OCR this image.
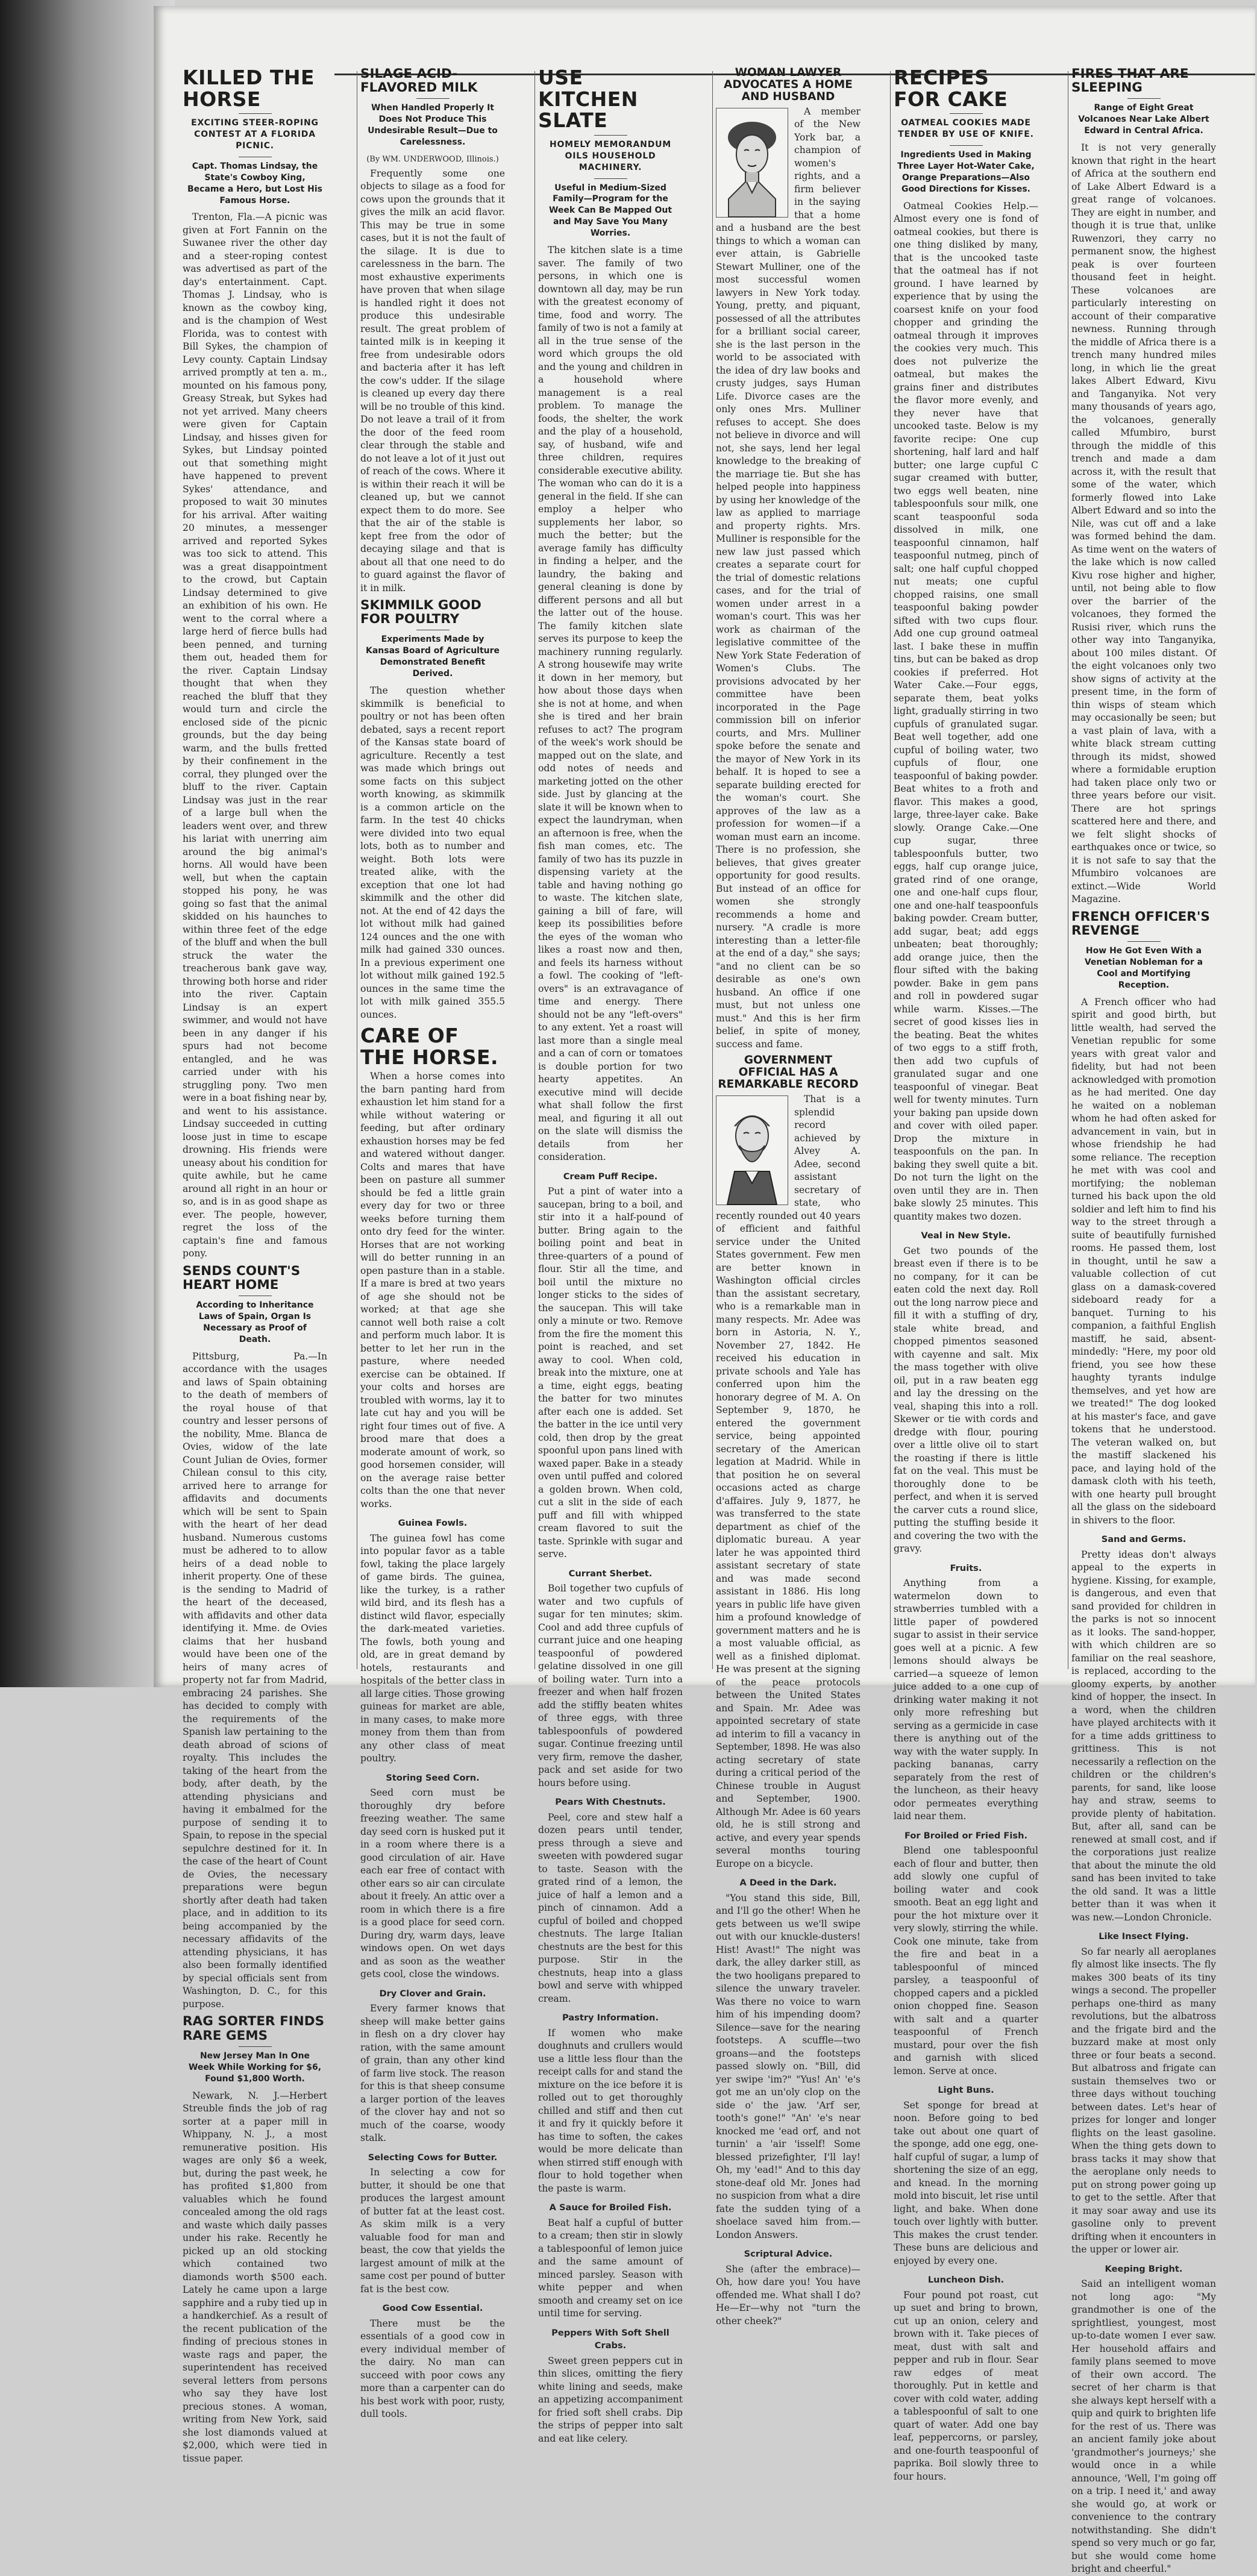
KILLED THE HORSE
EXCITING STEER-ROPING CONTEST AT A FLORIDA PICNIC.
Capt. Thomas Lindsay, the State's Cowboy King, Became a Hero, but Lost His Famous Horse.

Trenton, Fla.—A picnic was given at Fort Fannin on the Suwanee river the other day and a steer-roping contest was advertised as part of the day's entertainment. Capt. Thomas J. Lindsay, who is known as the cowboy king, and is the champion of West Florida, was to contest with Bill Sykes, the champion of Levy county. Captain Lindsay arrived promptly at ten a. m., mounted on his famous pony, Greasy Streak, but Sykes had not yet arrived. Many cheers were given for Captain Lindsay, and hisses given for Sykes, but Lindsay pointed out that something might have happened to prevent Sykes' attendance, and proposed to wait 30 minutes for his arrival. After waiting 20 minutes, a messenger arrived and reported Sykes was too sick to attend. This was a great disappointment to the crowd, but Captain Lindsay determined to give an exhibition of his own. He went to the corral where a large herd of fierce bulls had been penned, and turning them out, headed them for the river. Captain Lindsay thought that when they reached the bluff that they would turn and circle the enclosed side of the picnic grounds, but the day being warm, and the bulls fretted by their confinement in the corral, they plunged over the bluff to the river. Captain Lindsay was just in the rear of a large bull when the leaders went over, and threw his lariat with unerring aim around the big animal's horns. All would have been well, but when the captain stopped his pony, he was going so fast that the animal skidded on his haunches to within three feet of the edge of the bluff and when the bull struck the water the treacherous bank gave way, throwing both horse and rider into the river. Captain Lindsay is an expert swimmer, and would not have been in any danger if his spurs had not become entangled, and he was carried under with his struggling pony. Two men were in a boat fishing near by, and went to his assistance. Lindsay succeeded in cutting loose just in time to escape drowning. His friends were uneasy about his condition for quite awhile, but he came around all right in an hour or so, and is in as good shape as ever. The people, however, regret the loss of the captain's fine and famous pony.

SENDS COUNT'S HEART HOME
According to Inheritance Laws of Spain, Organ Is Necessary as Proof of Death.

Pittsburg, Pa.—In accordance with the usages and laws of Spain obtaining to the death of members of the royal house of that country and lesser persons of the nobility, Mme. Blanca de Ovies, widow of the late Count Julian de Ovies, former Chilean consul to this city, arrived here to arrange for affidavits and documents which will be sent to Spain with the heart of her dead husband. Numerous customs must be adhered to to allow heirs of a dead noble to inherit property. One of these is the sending to Madrid of the heart of the deceased, with affidavits and other data identifying it. Mme. de Ovies claims that her husband would have been one of the heirs of many acres of property not far from Madrid, embracing 24 parishes. She has decided to comply with the requirements of the Spanish law pertaining to the death abroad of scions of royalty. This includes the taking of the heart from the body, after death, by the attending physicians and having it embalmed for the purpose of sending it to Spain, to repose in the special sepulchre destined for it. In the case of the heart of Count de Ovies, the necessary preparations were begun shortly after death had taken place, and in addition to its being accompanied by the necessary affidavits of the attending physicians, it has also been formally identified by special officials sent from Washington, D. C., for this purpose.

RAG SORTER FINDS RARE GEMS
New Jersey Man In One Week While Working for $6, Found $1,800 Worth.

Newark, N. J.—Herbert Streuble finds the job of rag sorter at a paper mill in Whippany, N. J., a most remunerative position. His wages are only $6 a week, but, during the past week, he has profited $1,800 from valuables which he found concealed among the old rags and waste which daily passes under his rake. Recently he picked up an old stocking which contained two diamonds worth $500 each. Lately he came upon a large sapphire and a ruby tied up in a handkerchief. As a result of the recent publication of the finding of precious stones in waste rags and paper, the superintendent has received several letters from persons who say they have lost precious stones. A woman, writing from New York, said she lost diamonds valued at $2,000, which were tied in tissue paper.

SILAGE ACID-FLAVORED MILK
When Handled Properly It Does Not Produce This Undesirable Result—Due to Carelessness.
(By WM. UNDERWOOD, Illinois.)

Frequently some one objects to silage as a food for cows upon the grounds that it gives the milk an acid flavor. This may be true in some cases, but it is not the fault of the silage. It is due to carelessness in the barn. The most exhaustive experiments have proven that when silage is handled right it does not produce this undesirable result. The great problem of tainted milk is in keeping it free from undesirable odors and bacteria after it has left the cow's udder. If the silage is cleaned up every day there will be no trouble of this kind. Do not leave a trail of it from the door of the feed room clear through the stable and do not leave a lot of it just out of reach of the cows. Where it is within their reach it will be cleaned up, but we cannot expect them to do more. See that the air of the stable is kept free from the odor of decaying silage and that is about all that one need to do to guard against the flavor of it in milk.

SKIMMILK GOOD FOR POULTRY
Experiments Made by Kansas Board of Agriculture Demonstrated Benefit Derived.

The question whether skimmilk is beneficial to poultry or not has been often debated, says a recent report of the Kansas state board of agriculture. Recently a test was made which brings out some facts on this subject worth knowing, as skimmilk is a common article on the farm. In the test 40 chicks were divided into two equal lots, both as to number and weight. Both lots were treated alike, with the exception that one lot had skimmilk and the other did not. At the end of 42 days the lot without milk had gained 124 ounces and the one with milk had gained 330 ounces. In a previous experiment one lot without milk gained 192.5 ounces in the same time the lot with milk gained 355.5 ounces.

CARE OF THE HORSE.

When a horse comes into the barn panting hard from exhaustion let him stand for a while without watering or feeding, but after ordinary exhaustion horses may be fed and watered without danger. Colts and mares that have been on pasture all summer should be fed a little grain every day for two or three weeks before turning them onto dry feed for the winter. Horses that are not working will do better running in an open pasture than in a stable. If a mare is bred at two years of age she should not be worked; at that age she cannot well both raise a colt and perform much labor. It is better to let her run in the pasture, where needed exercise can be obtained. If your colts and horses are troubled with worms, lay it to late cut hay and you will be right four times out of five. A brood mare that does a moderate amount of work, so good horsemen consider, will on the average raise better colts than the one that never works.

Guinea Fowls.

The guinea fowl has come into popular favor as a table fowl, taking the place largely of game birds. The guinea, like the turkey, is a rather wild bird, and its flesh has a distinct wild flavor, especially the dark-meated varieties. The fowls, both young and old, are in great demand by hotels, restaurants and hospitals of the better class in all large cities. Those growing guineas for market are able, in many cases, to make more money from them than from any other class of meat poultry.

Storing Seed Corn.

Seed corn must be thoroughly dry before freezing weather. The same day seed corn is husked put it in a room where there is a good circulation of air. Have each ear free of contact with other ears so air can circulate about it freely. An attic over a room in which there is a fire is a good place for seed corn. During dry, warm days, leave windows open. On wet days and as soon as the weather gets cool, close the windows.

Dry Clover and Grain.

Every farmer knows that sheep will make better gains in flesh on a dry clover hay ration, with the same amount of grain, than any other kind of farm live stock. The reason for this is that sheep consume a larger portion of the leaves of the clover hay and not so much of the coarse, woody stalk.

Selecting Cows for Butter.

In selecting a cow for butter, it should be one that produces the largest amount of butter fat at the least cost. As skim milk is a very valuable food for man and beast, the cow that yields the largest amount of milk at the same cost per pound of butter fat is the best cow.

Good Cow Essential.

There must be the essentials of a good cow in every individual member of the dairy. No man can succeed with poor cows any more than a carpenter can do his best work with poor, rusty, dull tools.

USE KITCHEN SLATE
HOMELY MEMORANDUM OILS HOUSEHOLD MACHINERY.
Useful in Medium-Sized Family—Program for the Week Can Be Mapped Out and May Save You Many Worries.

The kitchen slate is a time saver. The family of two persons, in which one is downtown all day, may be run with the greatest economy of time, food and worry. The family of two is not a family at all in the true sense of the word which groups the old and the young and children in a household where management is a real problem. To manage the foods, the shelter, the work and the play of a household, say, of husband, wife and three children, requires considerable executive ability. The woman who can do it is a general in the field. If she can employ a helper who supplements her labor, so much the better; but the average family has difficulty in finding a helper, and the laundry, the baking and general cleaning is done by different persons and all but the latter out of the house. The family kitchen slate serves its purpose to keep the machinery running regularly. A strong housewife may write it down in her memory, but how about those days when she is not at home, and when she is tired and her brain refuses to act? The program of the week's work should be mapped out on the slate, and odd notes of needs and marketing jotted on the other side. Just by glancing at the slate it will be known when to expect the laundryman, when an afternoon is free, when the fish man comes, etc. The family of two has its puzzle in dispensing variety at the table and having nothing go to waste. The kitchen slate, gaining a bill of fare, will keep its possibilities before the eyes of the woman who likes a roast now and then, and feels its harness without a fowl. The cooking of "left-overs" is an extravagance of time and energy. There should not be any "left-overs" to any extent. Yet a roast will last more than a single meal and a can of corn or tomatoes is double portion for two hearty appetites. An executive mind will decide what shall follow the first meal, and figuring it all out on the slate will dismiss the details from her consideration.

Cream Puff Recipe.

Put a pint of water into a saucepan, bring to a boil, and stir into it a half-pound of butter. Bring again to the boiling point and beat in three-quarters of a pound of flour. Stir all the time, and boil until the mixture no longer sticks to the sides of the saucepan. This will take only a minute or two. Remove from the fire the moment this point is reached, and set away to cool. When cold, break into the mixture, one at a time, eight eggs, beating the batter for two minutes after each one is added. Set the batter in the ice until very cold, then drop by the great spoonful upon pans lined with waxed paper. Bake in a steady oven until puffed and colored a golden brown. When cold, cut a slit in the side of each puff and fill with whipped cream flavored to suit the taste. Sprinkle with sugar and serve.

Currant Sherbet.

Boil together two cupfuls of water and two cupfuls of sugar for ten minutes; skim. Cool and add three cupfuls of currant juice and one heaping teaspoonful of powdered gelatine dissolved in one gill of boiling water. Turn into a freezer and when half frozen add the stiffly beaten whites of three eggs, with three tablespoonfuls of powdered sugar. Continue freezing until very firm, remove the dasher, pack and set aside for two hours before using.

Pears With Chestnuts.

Peel, core and stew half a dozen pears until tender, press through a sieve and sweeten with powdered sugar to taste. Season with the grated rind of a lemon, the juice of half a lemon and a pinch of cinnamon. Add a cupful of boiled and chopped chestnuts. The large Italian chestnuts are the best for this purpose. Stir in the chestnuts, heap into a glass bowl and serve with whipped cream.

Pastry Information.

If women who make doughnuts and crullers would use a little less flour than the receipt calls for and stand the mixture on the ice before it is rolled out to get thoroughly chilled and stiff and then cut it and fry it quickly before it has time to soften, the cakes would be more delicate than when stirred stiff enough with flour to hold together when the paste is warm.

A Sauce for Broiled Fish.

Beat half a cupful of butter to a cream; then stir in slowly a tablespoonful of lemon juice and the same amount of minced parsley. Season with white pepper and when smooth and creamy set on ice until time for serving.

Peppers With Soft Shell Crabs.

Sweet green peppers cut in thin slices, omitting the fiery white lining and seeds, make an appetizing accompaniment for fried soft shell crabs. Dip the strips of pepper into salt and eat like celery.

WOMAN LAWYER ADVOCATES A HOME AND HUSBAND

A member of the New York bar, a champion of women's rights, and a firm believer in the saying that a home and a husband are the best things to which a woman can ever attain, is Gabrielle Stewart Mulliner, one of the most successful women lawyers in New York today. Young, pretty, and piquant, possessed of all the attributes for a brilliant social career, she is the last person in the world to be associated with the idea of dry law books and crusty judges, says Human Life. Divorce cases are the only ones Mrs. Mulliner refuses to accept. She does not believe in divorce and will not, she says, lend her legal knowledge to the breaking of the marriage tie. But she has helped people into happiness by using her knowledge of the law as applied to marriage and property rights. Mrs. Mulliner is responsible for the new law just passed which creates a separate court for the trial of domestic relations cases, and for the trial of women under arrest in a woman's court. This was her work as chairman of the legislative committee of the New York State Federation of Women's Clubs. The provisions advocated by her committee have been incorporated in the Page commission bill on inferior courts, and Mrs. Mulliner spoke before the senate and the mayor of New York in its behalf. It is hoped to see a separate building erected for the woman's court. She approves of the law as a profession for women—if a woman must earn an income. There is no profession, she believes, that gives greater opportunity for good results. But instead of an office for women she strongly recommends a home and nursery. "A cradle is more interesting than a letter-file at the end of a day," she says; "and no client can be so desirable as one's own husband. An office if one must, but not unless one must." And this is her firm belief, in spite of money, success and fame.

GOVERNMENT OFFICIAL HAS A REMARKABLE RECORD

That is a splendid record achieved by Alvey A. Adee, second assistant secretary of state, who recently rounded out 40 years of efficient and faithful service under the United States government. Few men are better known in Washington official circles than the assistant secretary, who is a remarkable man in many respects. Mr. Adee was born in Astoria, N. Y., November 27, 1842. He received his education in private schools and Yale has conferred upon him the honorary degree of M. A. On September 9, 1870, he entered the government service, being appointed secretary of the American legation at Madrid. While in that position he on several occasions acted as charge d'affaires. July 9, 1877, he was transferred to the state department as chief of the diplomatic bureau. A year later he was appointed third assistant secretary of state and was made second assistant in 1886. His long years in public life have given him a profound knowledge of government matters and he is a most valuable official, as well as a finished diplomat. He was present at the signing of the peace protocols between the United States and Spain. Mr. Adee was appointed secretary of state ad interim to fill a vacancy in September, 1898. He was also acting secretary of state during a critical period of the Chinese trouble in August and September, 1900. Although Mr. Adee is 60 years old, he is still strong and active, and every year spends several months touring Europe on a bicycle.

A Deed in the Dark.

"You stand this side, Bill, and I'll go the other! When he gets between us we'll swipe out with our knuckle-dusters! Hist! Avast!" The night was dark, the alley darker still, as the two hooligans prepared to silence the unwary traveler. Was there no voice to warn him of his impending doom? Silence—save for the nearing footsteps. A scuffle—two groans—and the footsteps passed slowly on. "Bill, did yer swipe 'im?" "Yus! An' 'e's got me an un'oly clop on the side o' the jaw. 'Arf ser, tooth's gone!" "An' 'e's near knocked me 'ead orf, and not turnin' a 'air 'isself! Some blessed prizefighter, I'll lay! Oh, my 'ead!" And to this day stone-deaf old Mr. Jones had no suspicion from what a dire fate the sudden tying of a shoelace saved him from.—London Answers.

Scriptural Advice.

She (after the embrace)—Oh, how dare you! You have offended me. What shall I do? He—Er—why not "turn the other cheek?"

RECIPES FOR CAKE
OATMEAL COOKIES MADE TENDER BY USE OF KNIFE.
Ingredients Used in Making Three Layer Hot-Water Cake, Orange Preparations—Also Good Directions for Kisses.

Oatmeal Cookies Help.—Almost every one is fond of oatmeal cookies, but there is one thing disliked by many, that is the uncooked taste that the oatmeal has if not ground. I have learned by experience that by using the coarsest knife on your food chopper and grinding the oatmeal through it improves the cookies very much. This does not pulverize the oatmeal, but makes the grains finer and distributes the flavor more evenly, and they never have that uncooked taste. Below is my favorite recipe: One cup shortening, half lard and half butter; one large cupful C sugar creamed with butter, two eggs well beaten, nine tablespoonfuls sour milk, one scant teaspoonful soda dissolved in milk, one teaspoonful cinnamon, half teaspoonful nutmeg, pinch of salt; one half cupful chopped nut meats; one cupful chopped raisins, one small teaspoonful baking powder sifted with two cups flour. Add one cup ground oatmeal last. I bake these in muffin tins, but can be baked as drop cookies if preferred. Hot Water Cake.—Four eggs, separate them, beat yolks light, gradually stirring in two cupfuls of granulated sugar. Beat well together, add one cupful of boiling water, two cupfuls of flour, one teaspoonful of baking powder. Beat whites to a froth and flavor. This makes a good, large, three-layer cake. Bake slowly. Orange Cake.—One cup sugar, three tablespoonfuls butter, two eggs, half cup orange juice, grated rind of one orange, one and one-half cups flour, one and one-half teaspoonfuls baking powder. Cream butter, add sugar, beat; add eggs unbeaten; beat thoroughly; add orange juice, then the flour sifted with the baking powder. Bake in gem pans and roll in powdered sugar while warm. Kisses.—The secret of good kisses lies in the beating. Beat the whites of two eggs to a stiff froth, then add two cupfuls of granulated sugar and one teaspoonful of vinegar. Beat well for twenty minutes. Turn your baking pan upside down and cover with oiled paper. Drop the mixture in teaspoonfuls on the pan. In baking they swell quite a bit. Do not turn the light on the oven until they are in. Then bake slowly 25 minutes. This quantity makes two dozen.

Veal in New Style.

Get two pounds of the breast even if there is to be no company, for it can be eaten cold the next day. Roll out the long narrow piece and fill it with a stuffing of dry, stale white bread, and chopped pimentos seasoned with cayenne and salt. Mix the mass together with olive oil, put in a raw beaten egg and lay the dressing on the veal, shaping this into a roll. Skewer or tie with cords and dredge with flour, pouring over a little olive oil to start the roasting if there is little fat on the veal. This must be thoroughly done to be perfect, and when it is served the carver cuts a round slice, putting the stuffing beside it and covering the two with the gravy.

Fruits.

Anything from a watermelon down to strawberries tumbled with a little paper of powdered sugar to assist in their service goes well at a picnic. A few lemons should always be carried—a squeeze of lemon juice added to a one cup of drinking water making it not only more refreshing but serving as a germicide in case there is anything out of the way with the water supply. In packing bananas, carry separately from the rest of the luncheon, as their heavy odor permeates everything laid near them.

For Broiled or Fried Fish.

Blend one tablespoonful each of flour and butter, then add slowly one cupful of boiling water and cook smooth. Beat an egg light and pour the hot mixture over it very slowly, stirring the while. Cook one minute, take from the fire and beat in a tablespoonful of minced parsley, a teaspoonful of chopped capers and a pickled onion chopped fine. Season with salt and a quarter teaspoonful of French mustard, pour over the fish and garnish with sliced lemon. Serve at once.

Light Buns.

Set sponge for bread at noon. Before going to bed take out about one quart of the sponge, add one egg, one-half cupful of sugar, a lump of shortening the size of an egg, and knead. In the morning mold into biscuit, let rise until light, and bake. When done touch over lightly with butter. This makes the crust tender. These buns are delicious and enjoyed by every one.

Luncheon Dish.

Four pound pot roast, cut up suet and bring to brown, cut up an onion, celery and brown with it. Take pieces of meat, dust with salt and pepper and rub in flour. Sear raw edges of meat thoroughly. Put in kettle and cover with cold water, adding a tablespoonful of salt to one quart of water. Add one bay leaf, peppercorns, or parsley, and one-fourth teaspoonful of paprika. Boil slowly three to four hours.

FIRES THAT ARE SLEEPING
Range of Eight Great Volcanoes Near Lake Albert Edward in Central Africa.

It is not very generally known that right in the heart of Africa at the southern end of Lake Albert Edward is a great range of volcanoes. They are eight in number, and though it is true that, unlike Ruwenzori, they carry no permanent snow, the highest peak is over fourteen thousand feet in height. These volcanoes are particularly interesting on account of their comparative newness. Running through the middle of Africa there is a trench many hundred miles long, in which lie the great lakes Albert Edward, Kivu and Tanganyika. Not very many thousands of years ago, the volcanoes, generally called Mfumbiro, burst through the middle of this trench and made a dam across it, with the result that some of the water, which formerly flowed into Lake Albert Edward and so into the Nile, was cut off and a lake was formed behind the dam. As time went on the waters of the lake which is now called Kivu rose higher and higher, until, not being able to flow over the barrier of the volcanoes, they formed the Rusisi river, which runs the other way into Tanganyika, about 100 miles distant. Of the eight volcanoes only two show signs of activity at the present time, in the form of thin wisps of steam which may occasionally be seen; but a vast plain of lava, with a white black stream cutting through its midst, showed where a formidable eruption had taken place only two or three years before our visit. There are hot springs scattered here and there, and we felt slight shocks of earthquakes once or twice, so it is not safe to say that the Mfumbiro volcanoes are extinct.—Wide World Magazine.

FRENCH OFFICER'S REVENGE
How He Got Even With a Venetian Nobleman for a Cool and Mortifying Reception.

A French officer who had spirit and good birth, but little wealth, had served the Venetian republic for some years with great valor and fidelity, but had not been acknowledged with promotion as he had merited. One day he waited on a nobleman whom he had often asked for advancement in vain, but in whose friendship he had some reliance. The reception he met with was cool and mortifying; the nobleman turned his back upon the old soldier and left him to find his way to the street through a suite of beautifully furnished rooms. He passed them, lost in thought, until he saw a valuable collection of cut glass on a damask-covered sideboard ready for a banquet. Turning to his companion, a faithful English mastiff, he said, absent-mindedly: "Here, my poor old friend, you see how these haughty tyrants indulge themselves, and yet how are we treated!" The dog looked at his master's face, and gave tokens that he understood. The veteran walked on, but the mastiff slackened his pace, and laying hold of the damask cloth with his teeth, with one hearty pull brought all the glass on the sideboard in shivers to the floor.

Sand and Germs.

Pretty ideas don't always appeal to the experts in hygiene. Kissing, for example, is dangerous, and even that sand provided for children in the parks is not so innocent as it looks. The sand-hopper, with which children are so familiar on the real seashore, is replaced, according to the gloomy experts, by another kind of hopper, the insect. In a word, when the children have played architects with it for a time adds grittiness to grittiness. This is not necessarily a reflection on the children or the children's parents, for sand, like loose hay and straw, seems to provide plenty of habitation. But, after all, sand can be renewed at small cost, and if the corporations just realize that about the minute the old sand has been invited to take the old sand. It was a little better than it was when it was new.—London Chronicle.

Like Insect Flying.

So far nearly all aeroplanes fly almost like insects. The fly makes 300 beats of its tiny wings a second. The propeller perhaps one-third as many revolutions, but the albatross and the frigate bird and the buzzard make at most only three or four beats a second. But albatross and frigate can sustain themselves two or three days without touching between dates. Let's hear of prizes for longer and longer flights on the least gasoline. When the thing gets down to brass tacks it may show that the aeroplane only needs to put on strong power going up to get to the settle. After that it may soar away and use its gasoline only to prevent drifting when it encounters in the upper or lower air.

Keeping Bright.

Said an intelligent woman not long ago: "My grandmother is one of the sprightliest, youngest, most up-to-date women I ever saw. Her household affairs and family plans seemed to move of their own accord. The secret of her charm is that she always kept herself with a quip and quirk to brighten life for the rest of us. There was an ancient family joke about 'grandmother's journeys;' she would once in a while announce, 'Well, I'm going off on a trip. I need it,' and away she would go, at work or convenience to the contrary notwithstanding. She didn't spend so very much or go far, but she would come home bright and cheerful."
